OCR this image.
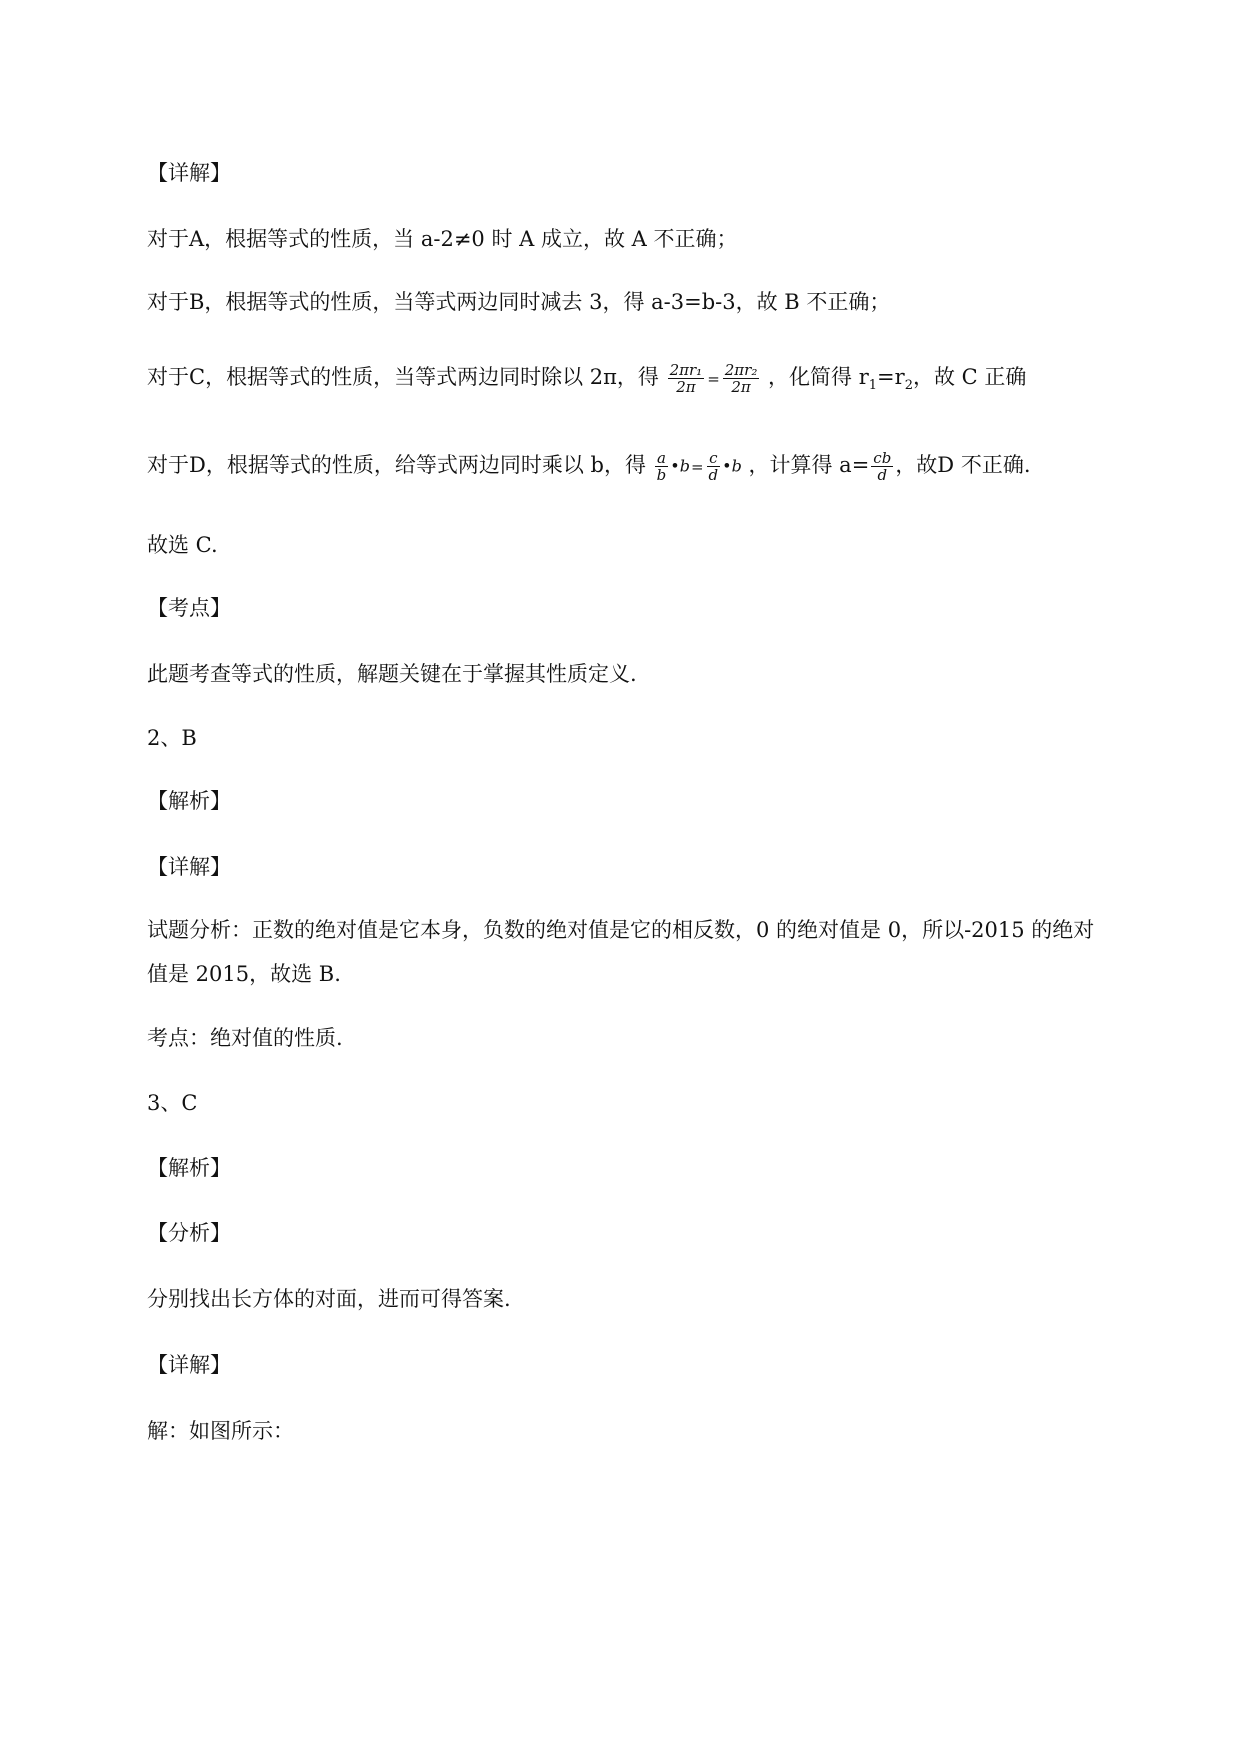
【详解】
对于A，根据等式的性质，当 a-2≠0 时 A 成立，故 A 不正确；
对于B，根据等式的性质，当等式两边同时减去 3，得 a-3=b-3，故 B 不正确；
对于C，根据等式的性质，当等式两边同时除以 2π，得 $\frac{\text{2πr₁}}{2\pi} = \frac{\text{2πr₂}}{2\pi}$ ，化简得 $r_1=r_2$，故 C 正确
对于D，根据等式的性质，给等式两边同时乘以 b，得 $\frac{a}{b}$ •b= $\frac{c}{d}$ •b ，计算得 $a= \frac{cb}{d}$ ，故D 不正确.
故选 C.
【考点】
此题考查等式的性质，解题关键在于掌握其性质定义.
2、B
【解析】
【详解】
试题分析：正数的绝对值是它本身，负数的绝对值是它的相反数，0 的绝对值是 0，所以-2015 的绝对
值是 2015，故选 B.
考点：绝对值的性质.
3、C
【解析】
【分析】
分别找出长方体的对面，进而可得答案.
【详解】
解：如图所示：
